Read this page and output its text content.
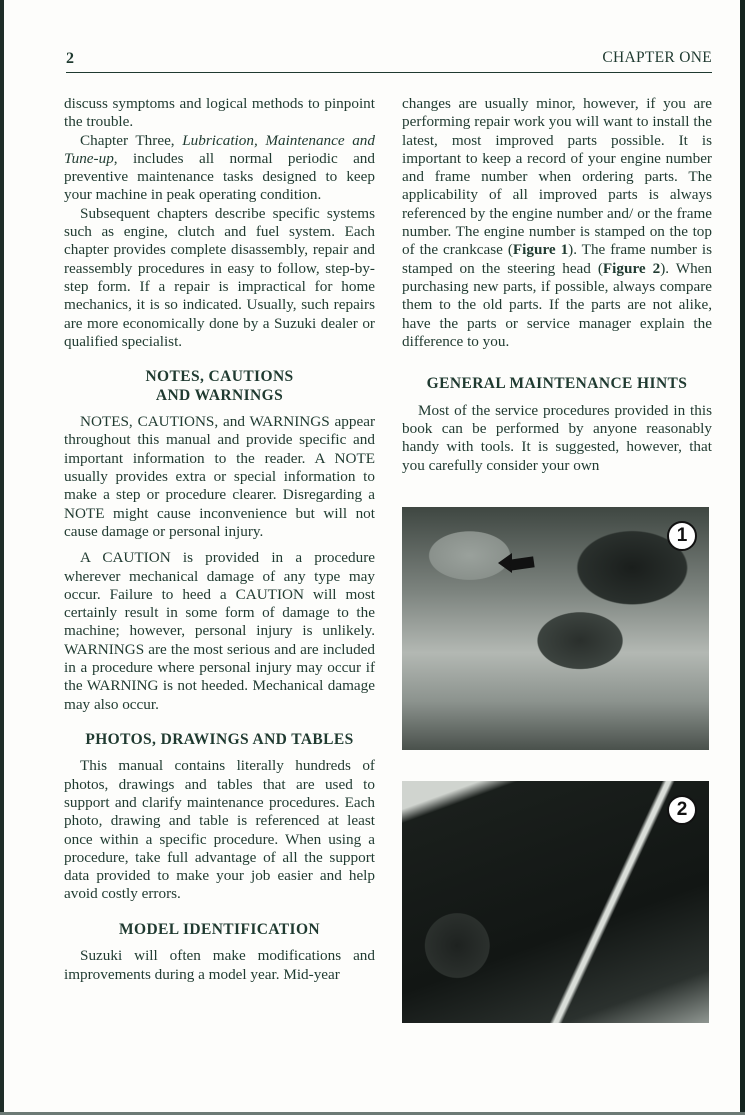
2	CHAPTER ONE

discuss symptoms and logical methods to pinpoint the trouble.

Chapter Three, Lubrication, Maintenance and Tune-up, includes all normal periodic and preventive maintenance tasks designed to keep your machine in peak operating condition.

Subsequent chapters describe specific systems such as engine, clutch and fuel system. Each chapter provides complete disassembly, repair and reassembly procedures in easy to follow, step-by-step form. If a repair is impractical for home mechanics, it is so indicated. Usually, such repairs are more economically done by a Suzuki dealer or qualified specialist.

NOTES, CAUTIONS
AND WARNINGS

NOTES, CAUTIONS, and WARNINGS appear throughout this manual and provide specific and important information to the reader. A NOTE usually provides extra or special information to make a step or procedure clearer. Disregarding a NOTE might cause inconvenience but will not cause damage or personal injury.

A CAUTION is provided in a procedure wherever mechanical damage of any type may occur. Failure to heed a CAUTION will most certainly result in some form of damage to the machine; however, personal injury is unlikely. WARNINGS are the most serious and are included in a procedure where personal injury may occur if the WARNING is not heeded. Mechanical damage may also occur.

PHOTOS, DRAWINGS AND TABLES

This manual contains literally hundreds of photos, drawings and tables that are used to support and clarify maintenance procedures. Each photo, drawing and table is referenced at least once within a specific procedure. When using a procedure, take full advantage of all the support data provided to make your job easier and help avoid costly errors.

MODEL IDENTIFICATION

Suzuki will often make modifications and improvements during a model year. Mid-year

changes are usually minor, however, if you are performing repair work you will want to install the latest, most improved parts possible. It is important to keep a record of your engine number and frame number when ordering parts. The applicability of all improved parts is always referenced by the engine number and/ or the frame number. The engine number is stamped on the top of the crankcase (Figure 1). The frame number is stamped on the steering head (Figure 2). When purchasing new parts, if possible, always compare them to the old parts. If the parts are not alike, have the parts or service manager explain the difference to you.

GENERAL MAINTENANCE HINTS

Most of the service procedures provided in this book can be performed by anyone reasonably handy with tools. It is suggested, however, that you carefully consider your own

1
2
